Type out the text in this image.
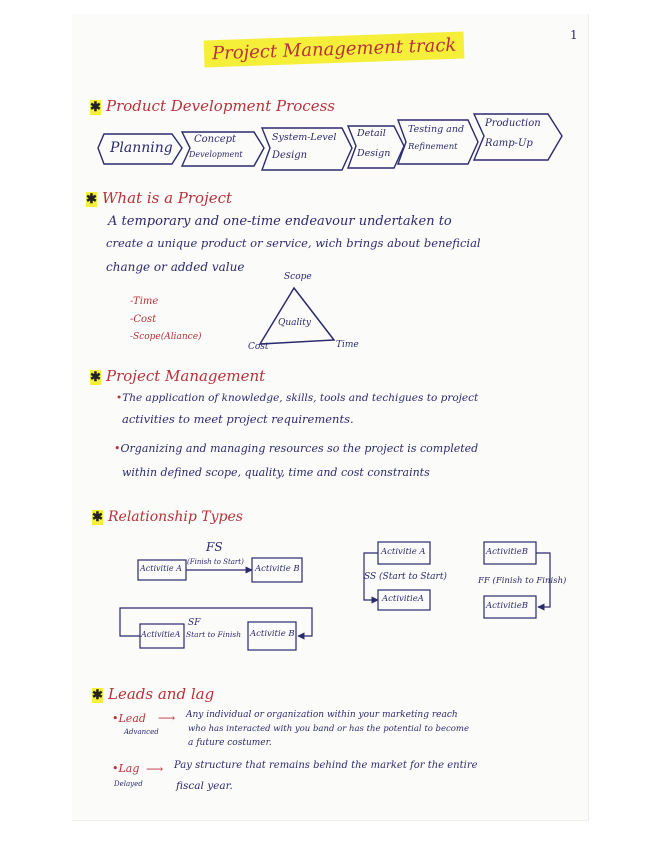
1
Project Management track
✱ Product Development Process
Planning
Concept
Development
System-Level
Design
Detail
Design
Testing and
Refinement
Production
Ramp-Up
✱ What is a Project
A temporary and one-time endeavour undertaken to
create a unique product or service, wich brings about beneficial
change or added value
-Time
-Cost
-Scope(Aliance)
Scope
Quality
Cost	Time
✱ Project Management
•The application of knowledge, skills, tools and techigues to project
activities to meet project requirements.
•Organizing and managing resources so the project is completed
within defined scope, quality, time and cost constraints
✱ Relationship Types
FS
Activitie A
(Finish to Start)
Activitie B
Activitie A
SS (Start to Start)
ActivitieA
ActivitieB
FF (Finish to Finish)
ActivitieB
SF
ActivitieA Start to Finish Activitie B
✱ Leads and lag
•Lead
Advanced
⟶ Any individual or organization within your marketing reach
who has interacted with you band or has the potential to become
a future costumer.
•Lag
Delayed
⟶ Pay structure that remains behind the market for the entire
fiscal year.
